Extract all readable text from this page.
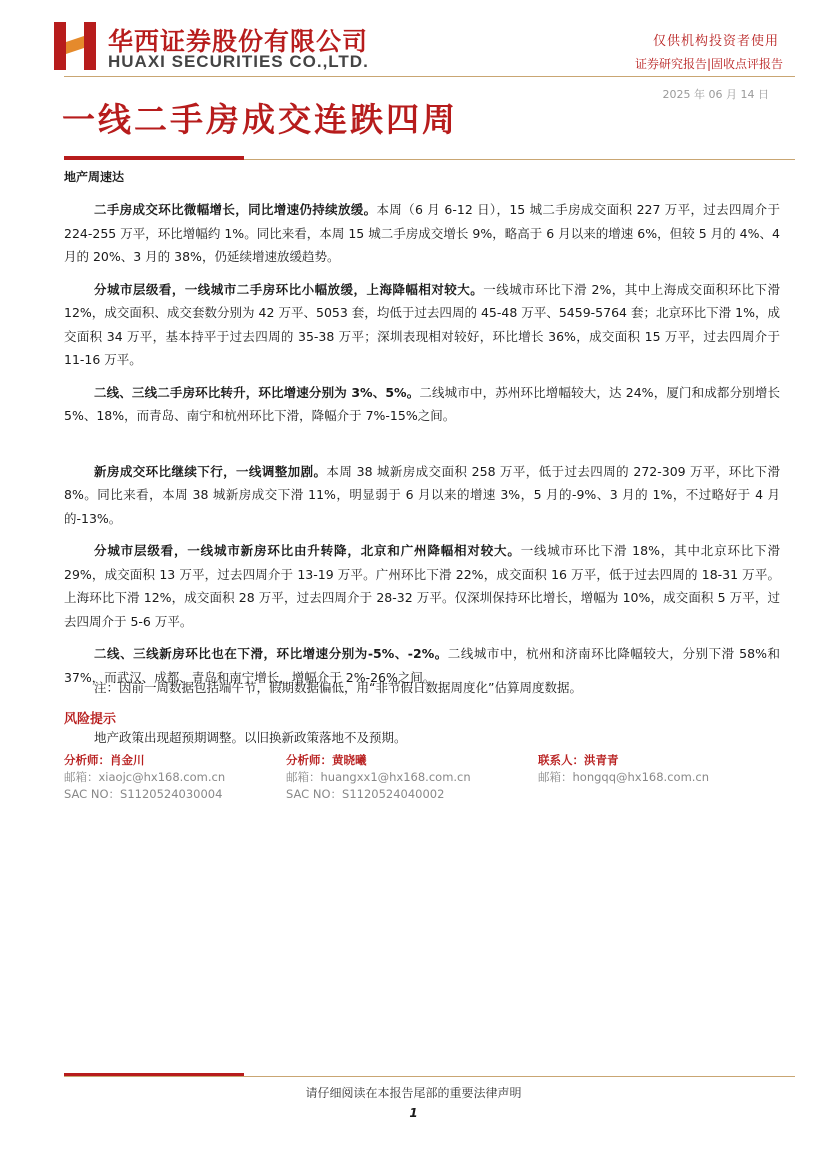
华西证券股份有限公司
HUAXI SECURITIES CO.,LTD.
仅供机构投资者使用
证券研究报告|固收点评报告
2025 年 06 月 14 日
一线二手房成交连跌四周
地产周速达

二手房成交环比微幅增长，同比增速仍持续放缓。本周（6 月 6-12 日），15 城二手房成交面积 227 万平，过去四周介于 224-255 万平，环比增幅约 1%。同比来看，本周 15 城二手房成交增长 9%，略高于 6 月以来的增速 6%，但较 5 月的 4%、4 月的 20%、3 月的 38%，仍延续增速放缓趋势。

分城市层级看，一线城市二手房环比小幅放缓，上海降幅相对较大。一线城市环比下滑 2%，其中上海成交面积环比下滑 12%，成交面积、成交套数分别为 42 万平、5053 套，均低于过去四周的 45-48 万平、5459-5764 套；北京环比下滑 1%，成交面积 34 万平，基本持平于过去四周的 35-38 万平；深圳表现相对较好，环比增长 36%，成交面积 15 万平，过去四周介于 11-16 万平。

二线、三线二手房环比转升，环比增速分别为 3%、5%。二线城市中，苏州环比增幅较大，达 24%，厦门和成都分别增长 5%、18%，而青岛、南宁和杭州环比下滑，降幅介于 7%-15%之间。

新房成交环比继续下行，一线调整加剧。本周 38 城新房成交面积 258 万平，低于过去四周的 272-309 万平，环比下滑 8%。同比来看，本周 38 城新房成交下滑 11%，明显弱于 6 月以来的增速 3%，5 月的-9%、3 月的 1%，不过略好于 4 月的-13%。

分城市层级看，一线城市新房环比由升转降，北京和广州降幅相对较大。一线城市环比下滑 18%，其中北京环比下滑 29%，成交面积 13 万平，过去四周介于 13-19 万平。广州环比下滑 22%，成交面积 16 万平，低于过去四周的 18-31 万平。上海环比下滑 12%，成交面积 28 万平，过去四周介于 28-32 万平。仅深圳保持环比增长，增幅为 10%，成交面积 5 万平，过去四周介于 5-6 万平。

二线、三线新房环比也在下滑，环比增速分别为-5%、-2%。二线城市中，杭州和济南环比降幅较大，分别下滑 58%和 37%，而武汉、成都、青岛和南宁增长，增幅介于 2%-26%之间。

注：因前一周数据包括端午节，假期数据偏低，用“非节假日数据周度化”估算周度数据。
风险提示
地产政策出现超预期调整。以旧换新政策落地不及预期。
分析师：肖金川
邮箱：xiaojc@hx168.com.cn
SAC NO：S1120524030004
分析师：黄晓曦
邮箱：huangxx1@hx168.com.cn
SAC NO：S1120524040002
联系人：洪青青
邮箱：hongqq@hx168.com.cn
请仔细阅读在本报告尾部的重要法律声明
1
